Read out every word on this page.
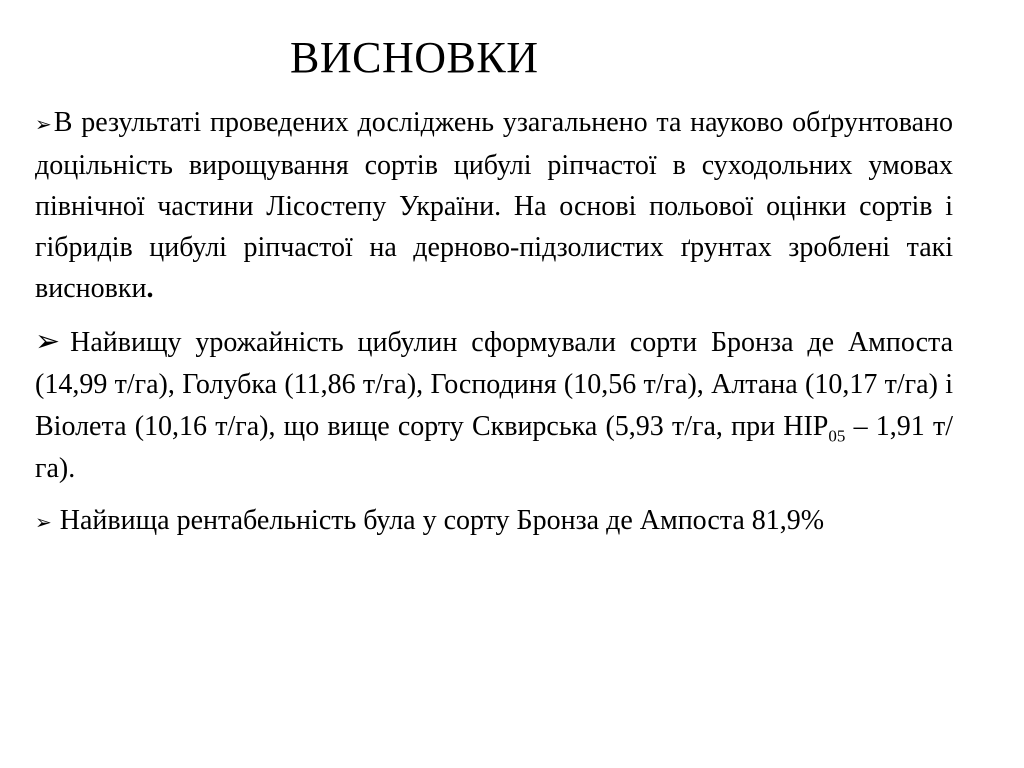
ВИСНОВКИ
➢В результаті проведених досліджень узагальнено та науково обґрунтовано доцільність вирощування сортів цибулі ріпчастої в суходольних умовах північної частини Лісостепу України. На основі польової оцінки сортів і гібридів цибулі ріпчастої на дерново-підзолистих ґрунтах зроблені такі висновки.
➢ Найвищу урожайність цибулин сформували сорти Бронза де Ампоста (14,99 т/га), Голубка (11,86 т/га), Господиня (10,56 т/га), Алтана (10,17 т/га) і Віолета (10,16 т/га), що вище сорту Сквирська (5,93 т/га, при $НІР_{05} - 1,91$ т/га).
➢ Найвища рентабельність була у сорту Бронза де Ампоста 81,9%
